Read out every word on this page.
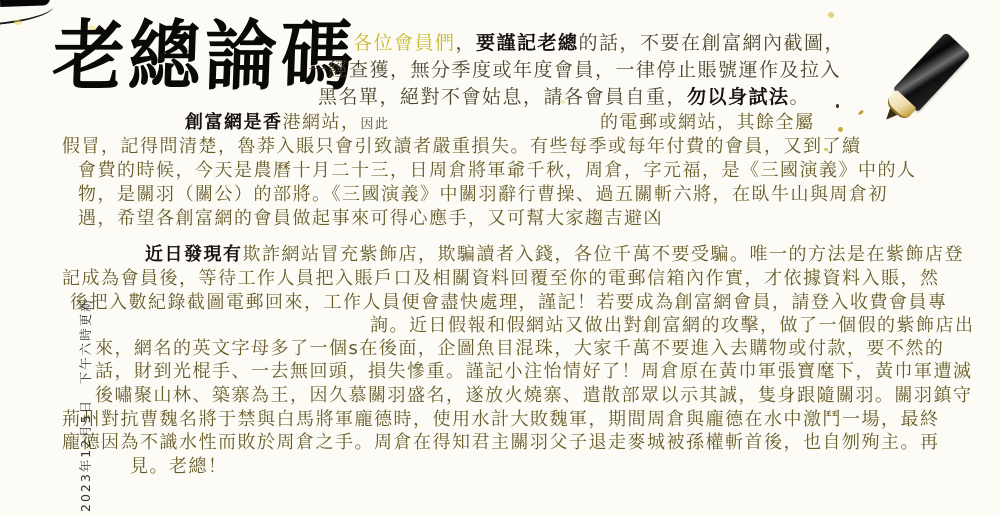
老總論碼
各位會員們，要謹記老總的話，不要在創富網內截圖，
一經查獲，無分季度或年度會員，一律停止賬號運作及拉入
黑名單，絕對不會姑息，請各會員自重，勿以身試法。
創富網是香港網站，因此	的電郵或網站，其餘全屬
假冒，記得問清楚，魯莽入賬只會引致讀者嚴重損失。有些每季或每年付費的會員，又到了續
會費的時候，今天是農曆十月二十三，日周倉將軍爺千秋，周倉，字元福，是《三國演義》中的人
物，是關羽（關公）的部將。《三國演義》中關羽辭行曹操、過五關斬六將，在臥牛山與周倉初
遇，希望各創富網的會員做起事來可得心應手，又可幫大家趨吉避凶
近日發現有欺詐網站冒充紫飾店，欺騙讀者入錢，各位千萬不要受騙。唯一的方法是在紫飾店登
記成為會員後，等待工作人員把入賬戶口及相關資料回覆至你的電郵信箱內作實，才依據資料入賬，然
後把入數紀錄截圖電郵回來，工作人員便會盡快處理，謹記！若要成為創富網會員，請登入收費會員專
詢。近日假報和假網站又做出對創富網的攻擊，做了一個假的紫飾店出
來，網名的英文字母多了一個s在後面，企圖魚目混珠，大家千萬不要進入去購物或付款，要不然的
話，財到光棍手、一去無回頭，損失慘重。謹記小注怡情好了！周倉原在黃巾軍張寶麾下，黃巾軍遭滅
後嘯聚山林、築寨為王，因久慕關羽盛名，遂放火燒寨、遣散部眾以示其誠，隻身跟隨關羽。關羽鎮守
荊州對抗曹魏名將于禁與白馬將軍龐德時，使用水計大敗魏軍，期間周倉與龐德在水中激鬥一場，最終
龐德因為不識水性而敗於周倉之手。周倉在得知君主關羽父子退走麥城被孫權斬首後，也自刎殉主。再
見。老總！
2023年12月5日　下午六時更新
